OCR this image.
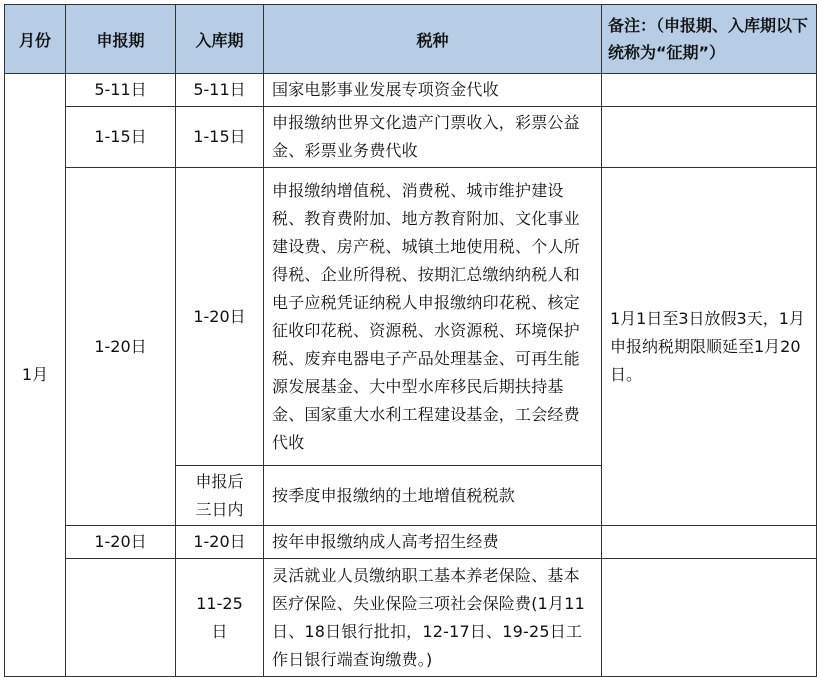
月份	申报期	入库期	税种	备注：（申报期、入库期以下统称为“征期”）
1月	5-11日	5-11日	国家电影事业发展专项资金代收	
	1-15日	1-15日	申报缴纳世界文化遗产门票收入，彩票公益金、彩票业务费代收	
	1-20日	1-20日	申报缴纳增值税、消费税、城市维护建设税、教育费附加、地方教育附加、文化事业建设费、房产税、城镇土地使用税、个人所得税、企业所得税、按期汇总缴纳纳税人和电子应税凭证纳税人申报缴纳印花税、核定征收印花税、资源税、水资源税、环境保护税、废弃电器电子产品处理基金、可再生能源发展基金、大中型水库移民后期扶持基金、国家重大水利工程建设基金，工会经费代收	1月1日至3日放假3天，1月申报纳税期限顺延至1月20日。
		申报后三日内	按季度申报缴纳的土地增值税税款	
	1-20日	1-20日	按年申报缴纳成人高考招生经费	
		11-25日	灵活就业人员缴纳职工基本养老保险、基本医疗保险、失业保险三项社会保险费(1月11日、18日银行批扣，12-17日、19-25日工作日银行端查询缴费。)	
